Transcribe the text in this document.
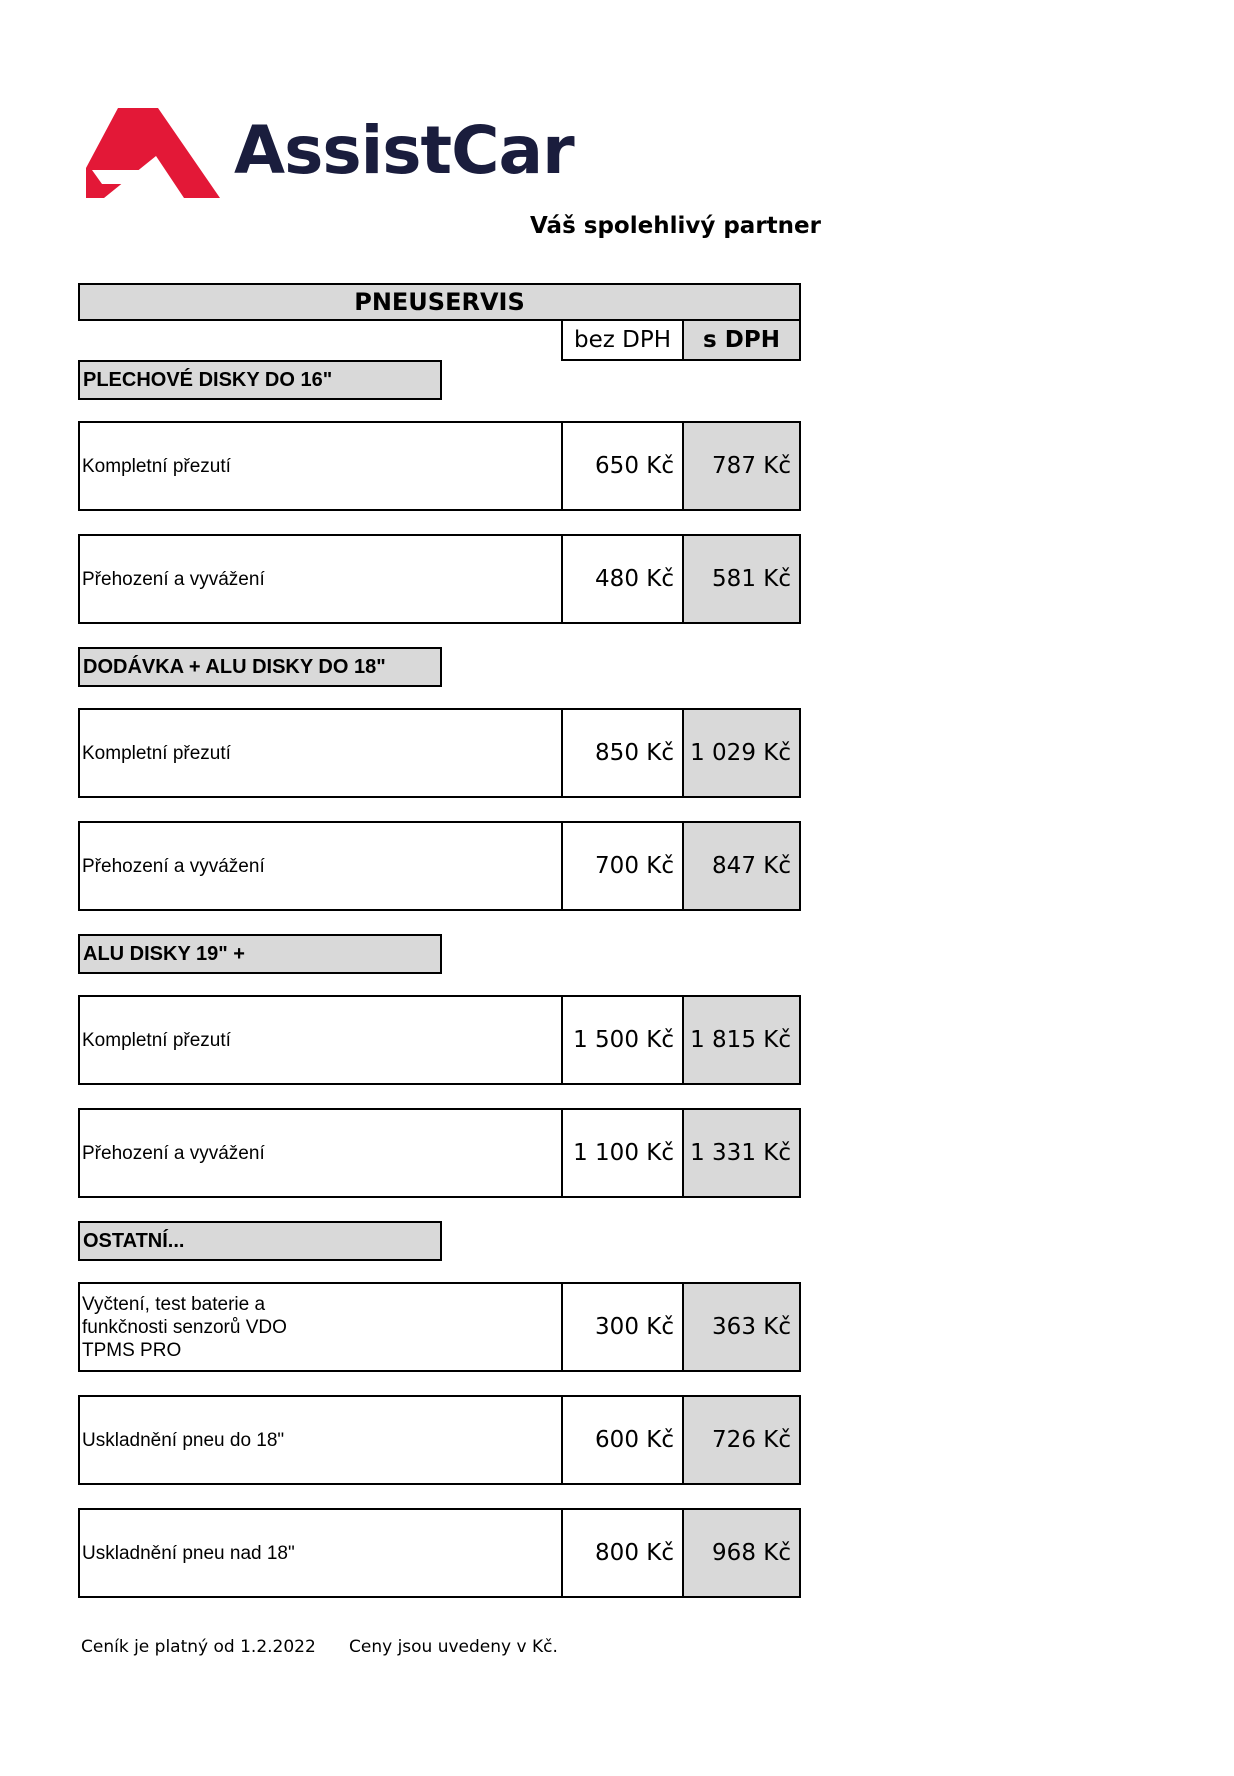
AssistCar
Váš spolehlivý partner
PNEUSERVIS
bez DPH	s DPH
PLECHOVÉ DISKY DO 16"
Kompletní přezutí	650 Kč	787 Kč
Přehození a vyvážení	480 Kč	581 Kč
DODÁVKA + ALU DISKY DO 18"
Kompletní přezutí	850 Kč 1 029 Kč
Přehození a vyvážení	700 Kč	847 Kč
ALU DISKY 19" +
Kompletní přezutí	1 500 Kč 1 815 Kč
Přehození a vyvážení	1 100 Kč 1 331 Kč
OSTATNÍ...
Vyčtení, test baterie a
funkčnosti senzorů VDO
TPMS PRO
300 Kč	363 Kč
Uskladnění pneu do 18"	600 Kč	726 Kč
Uskladnění pneu nad 18"	800 Kč	968 Kč
Ceník je platný od 1.2.2022 Ceny jsou uvedeny v Kč.
